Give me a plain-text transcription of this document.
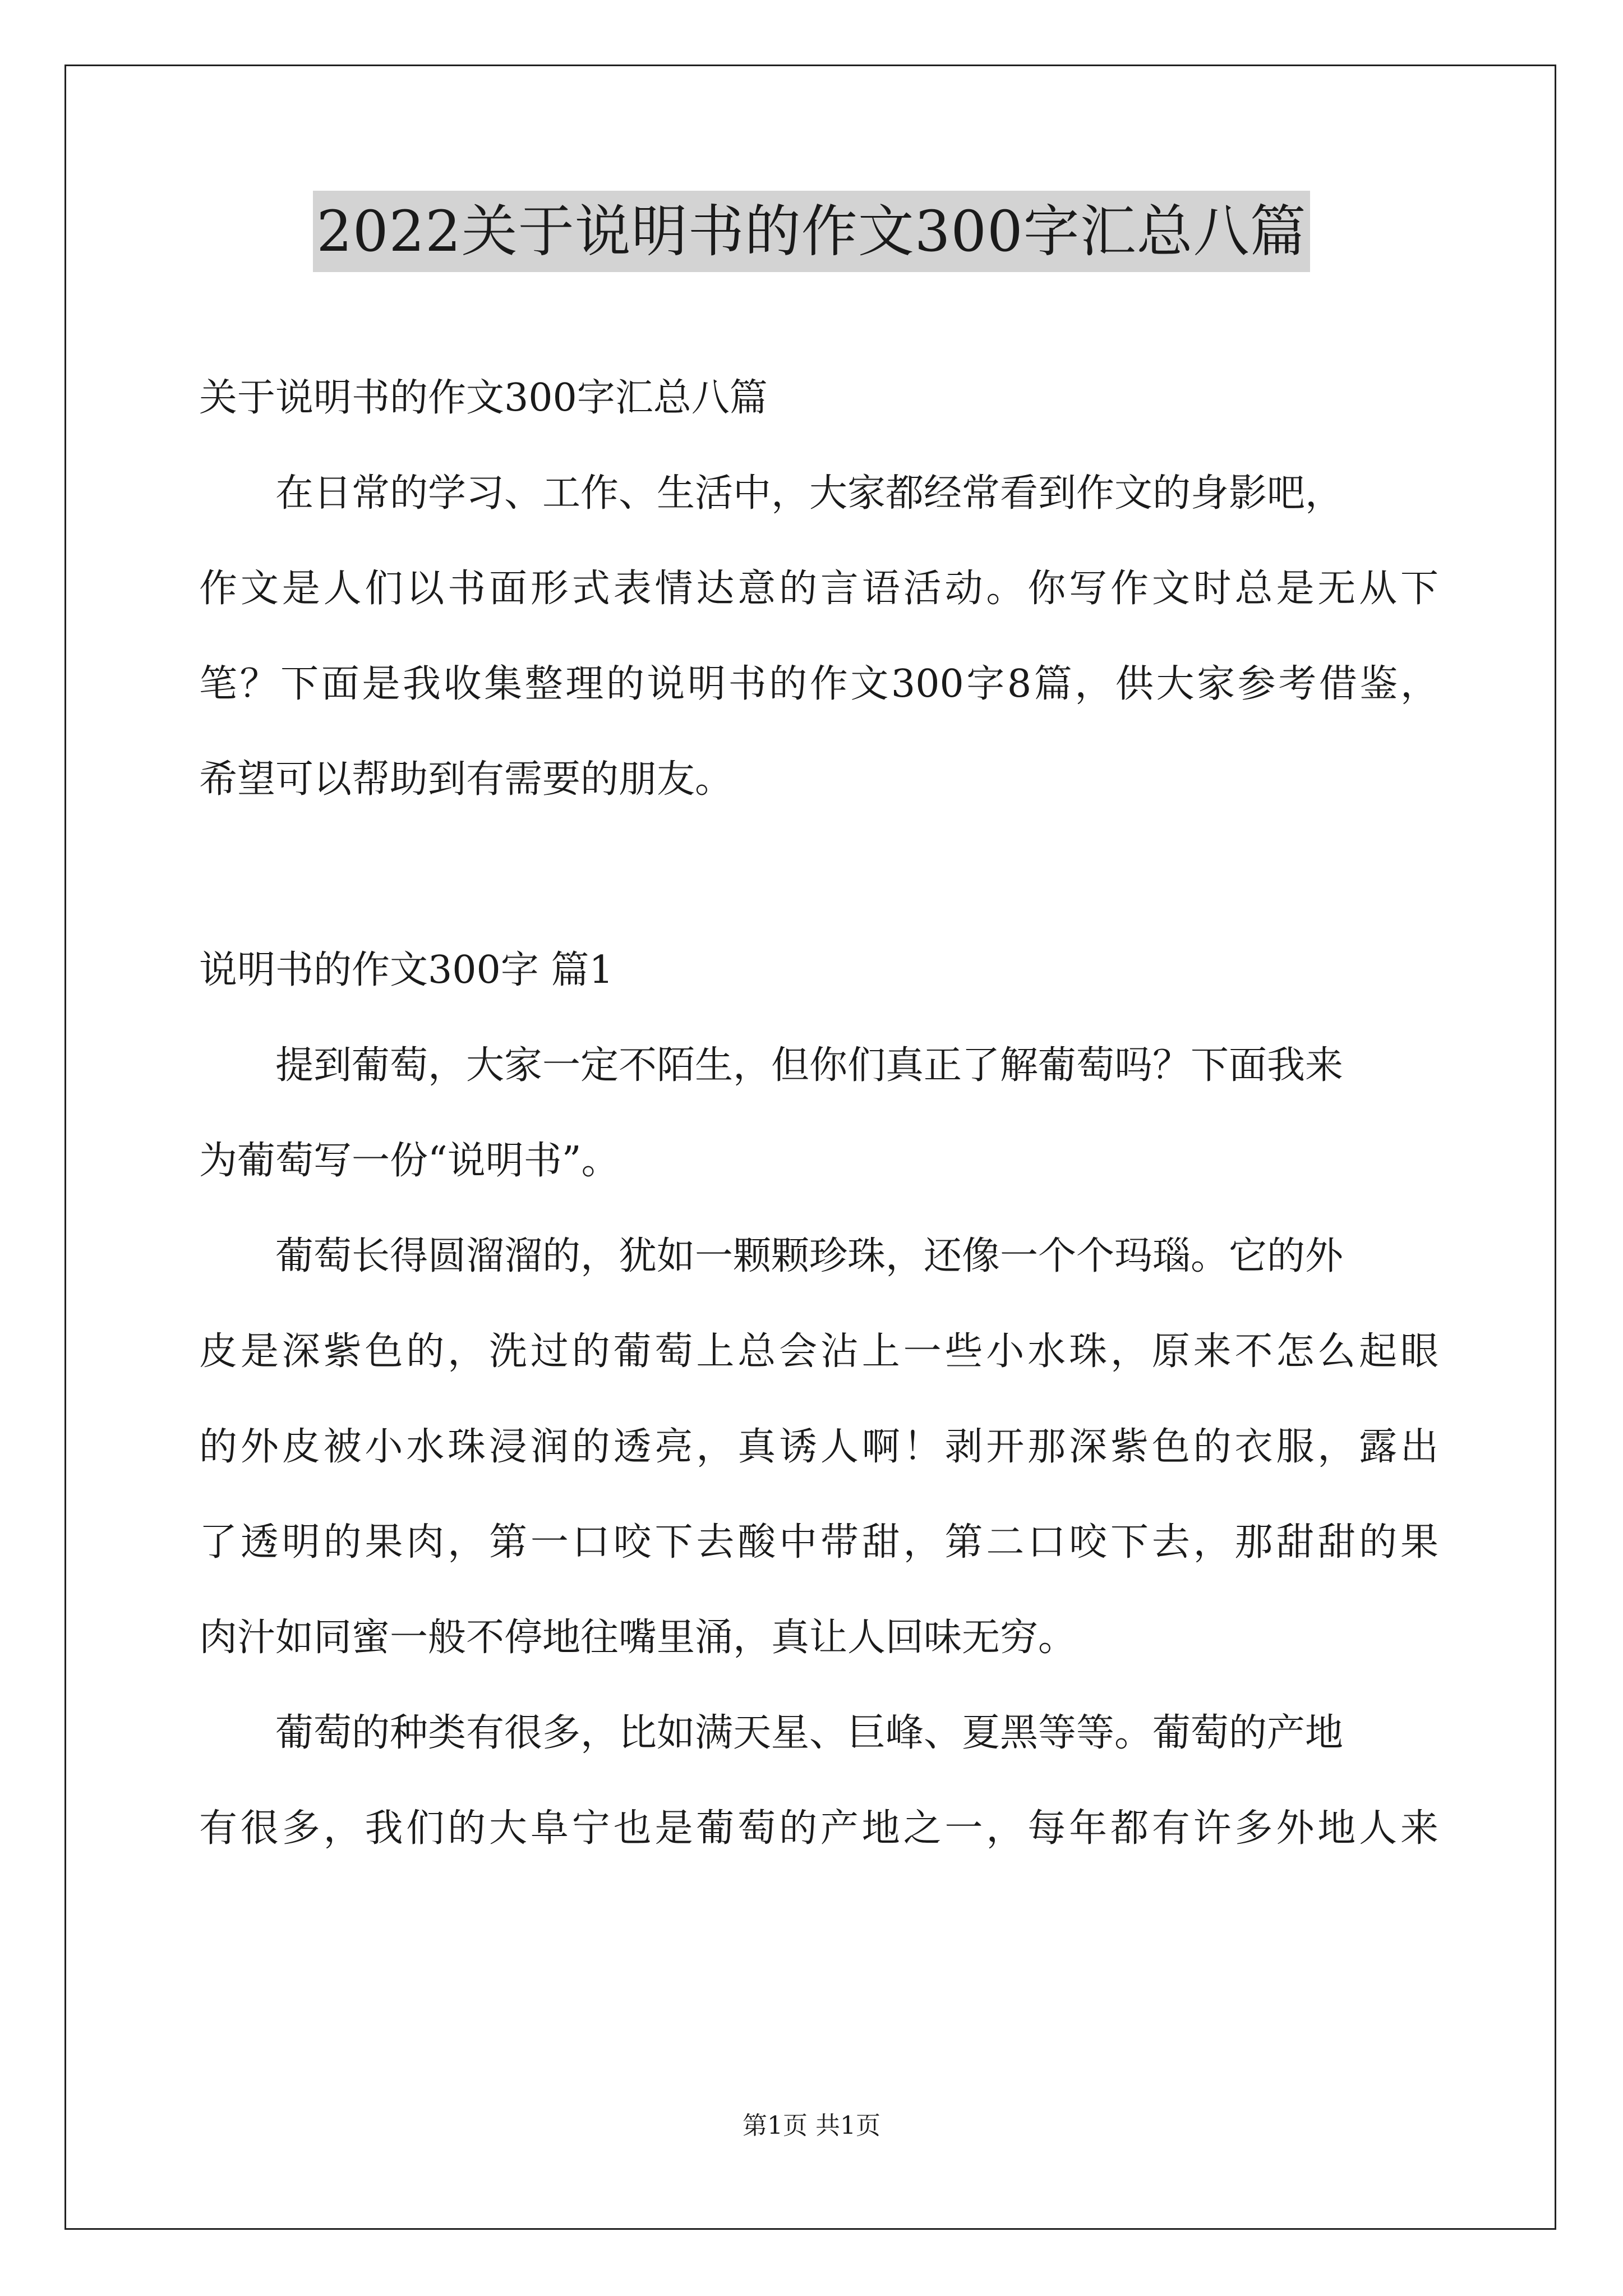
2022关于说明书的作文300字汇总八篇

关于说明书的作文300字汇总八篇

在日常的学习、工作、生活中，大家都经常看到作文的身影吧，

作文是人们以书面形式表情达意的言语活动。你写作文时总是无从下

笔？下面是我收集整理的说明书的作文300字8篇，供大家参考借鉴，

希望可以帮助到有需要的朋友。

说明书的作文300字 篇1

提到葡萄，大家一定不陌生，但你们真正了解葡萄吗？下面我来

为葡萄写一份“说明书”。

葡萄长得圆溜溜的，犹如一颗颗珍珠，还像一个个玛瑙。它的外

皮是深紫色的，洗过的葡萄上总会沾上一些小水珠，原来不怎么起眼

的外皮被小水珠浸润的透亮，真诱人啊！剥开那深紫色的衣服，露出

了透明的果肉，第一口咬下去酸中带甜，第二口咬下去，那甜甜的果

肉汁如同蜜一般不停地往嘴里涌，真让人回味无穷。

葡萄的种类有很多，比如满天星、巨峰、夏黑等等。葡萄的产地

有很多，我们的大阜宁也是葡萄的产地之一，每年都有许多外地人来

第1页 共1页
